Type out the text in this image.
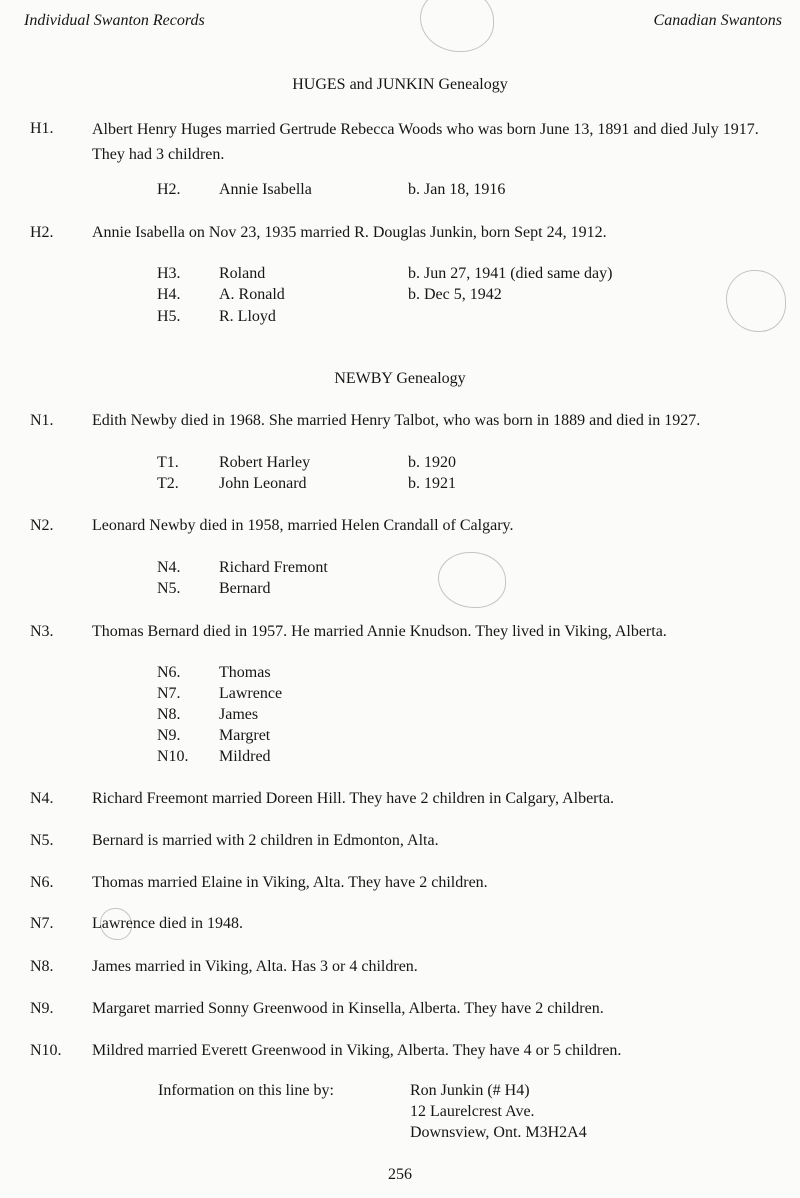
Individual Swanton Records	Canadian Swantons
HUGES and JUNKIN Genealogy
H1. Albert Henry Huges married Gertrude Rebecca Woods who was born June 13, 1891 and died July 1917. They had 3 children.
H2. Annie Isabella	b. Jan 18, 1916
H2. Annie Isabella on Nov 23, 1935 married R. Douglas Junkin, born Sept 24, 1912.
H3. Roland	b. Jun 27, 1941 (died same day)
H4. A. Ronald	b. Dec 5, 1942
H5. R. Lloyd
NEWBY Genealogy
N1. Edith Newby died in 1968. She married Henry Talbot, who was born in 1889 and died in 1927.
T1.	Robert Harley	b. 1920
T2.	John Leonard	b. 1921
N2. Leonard Newby died in 1958, married Helen Crandall of Calgary.
N4. Richard Fremont
N5. Bernard
N3. Thomas Bernard died in 1957. He married Annie Knudson. They lived in Viking, Alberta.
N6. Thomas
N7. Lawrence
N8. James
N9. Margret
N10. Mildred
N4. Richard Freemont married Doreen Hill. They have 2 children in Calgary, Alberta.
N5. Bernard is married with 2 children in Edmonton, Alta.
N6. Thomas married Elaine in Viking, Alta. They have 2 children.
N7. Lawrence died in 1948.
N8. James married in Viking, Alta. Has 3 or 4 children.
N9. Margaret married Sonny Greenwood in Kinsella, Alberta. They have 2 children.
N10. Mildred married Everett Greenwood in Viking, Alberta. They have 4 or 5 children.
Information on this line by:	Ron Junkin (# H4)
12 Laurelcrest Ave.
Downsview, Ont. M3H2A4
256
